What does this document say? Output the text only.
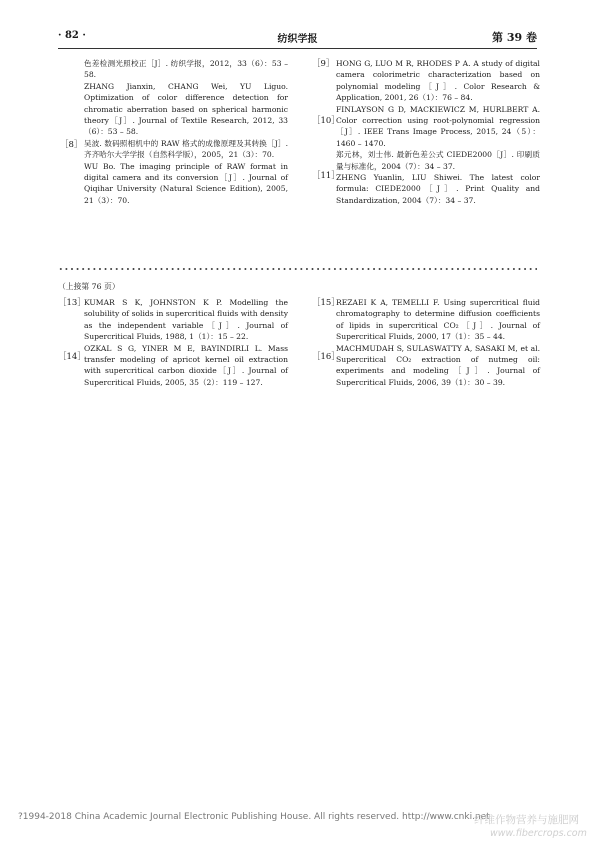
· 82 ·	纺织学报	第 39 卷

色差检测光照校正［J］. 纺织学报，2012，33（6）：53 – 58.

ZHANG Jianxin, CHANG Wei, YU Liguo. Optimization of color difference detection for chromatic aberration based on spherical harmonic theory［J］. Journal of Textile Research, 2012, 33（6）：53 – 58.

吴波. 数码照相机中的 RAW 格式的成像原理及其转换［J］. 齐齐哈尔大学学报（自然科学版），2005，21（3）：70.

WU Bo. The imaging principle of RAW format in digital camera and its conversion［J］. Journal of Qiqihar University (Natural Science Edition), 2005, 21（3）：70.

［8］
［9］
［10］
［11］

HONG G, LUO M R, RHODES P A. A study of digital camera colorimetric characterization based on polynomial modeling［J］. Color Research & Application, 2001, 26（1）：76 – 84.

FINLAYSON G D, MACKIEWICZ M, HURLBERT A. Color correction using root-polynomial regression［J］. IEEE Trans Image Process, 2015, 24（5）：1460 – 1470.

郑元林，刘士伟. 最新色差公式 CIEDE2000［J］. 印刷质量与标准化，2004（7）：34 – 37.

ZHENG Yuanlin, LIU Shiwei. The latest color formula: CIEDE2000［J］. Print Quality and Standardization, 2004（7）：34 – 37.

（上接第 76 页）
［13］
［14］

KUMAR S K, JOHNSTON K P. Modelling the solubility of solids in supercritical fluids with density as the independent variable［J］. Journal of Supercritical Fluids, 1988, 1（1）：15 – 22.

OZKAL S G, YINER M E, BAYINDIRLI L. Mass transfer modeling of apricot kernel oil extraction with supercritical carbon dioxide［J］. Journal of Supercritical Fluids, 2005, 35（2）：119 – 127.

［15］
［16］

REZAEI K A, TEMELLI F. Using supercritical fluid chromatography to determine diffusion coefficients of lipids in supercritical CO₂［J］. Journal of Supercritical Fluids, 2000, 17（1）：35 – 44.

MACHMUDAH S, SULASWATTY A, SASAKI M, et al. Supercritical CO₂ extraction of nutmeg oil: experiments and modeling［J］. Journal of Supercritical Fluids, 2006, 39（1）：30 – 39.

?1994-2018 China Academic Journal Electronic Publishing House. All rights reserved. http://www.cnki.net
纤维作物营养与施肥网
www.fibercrops.com
